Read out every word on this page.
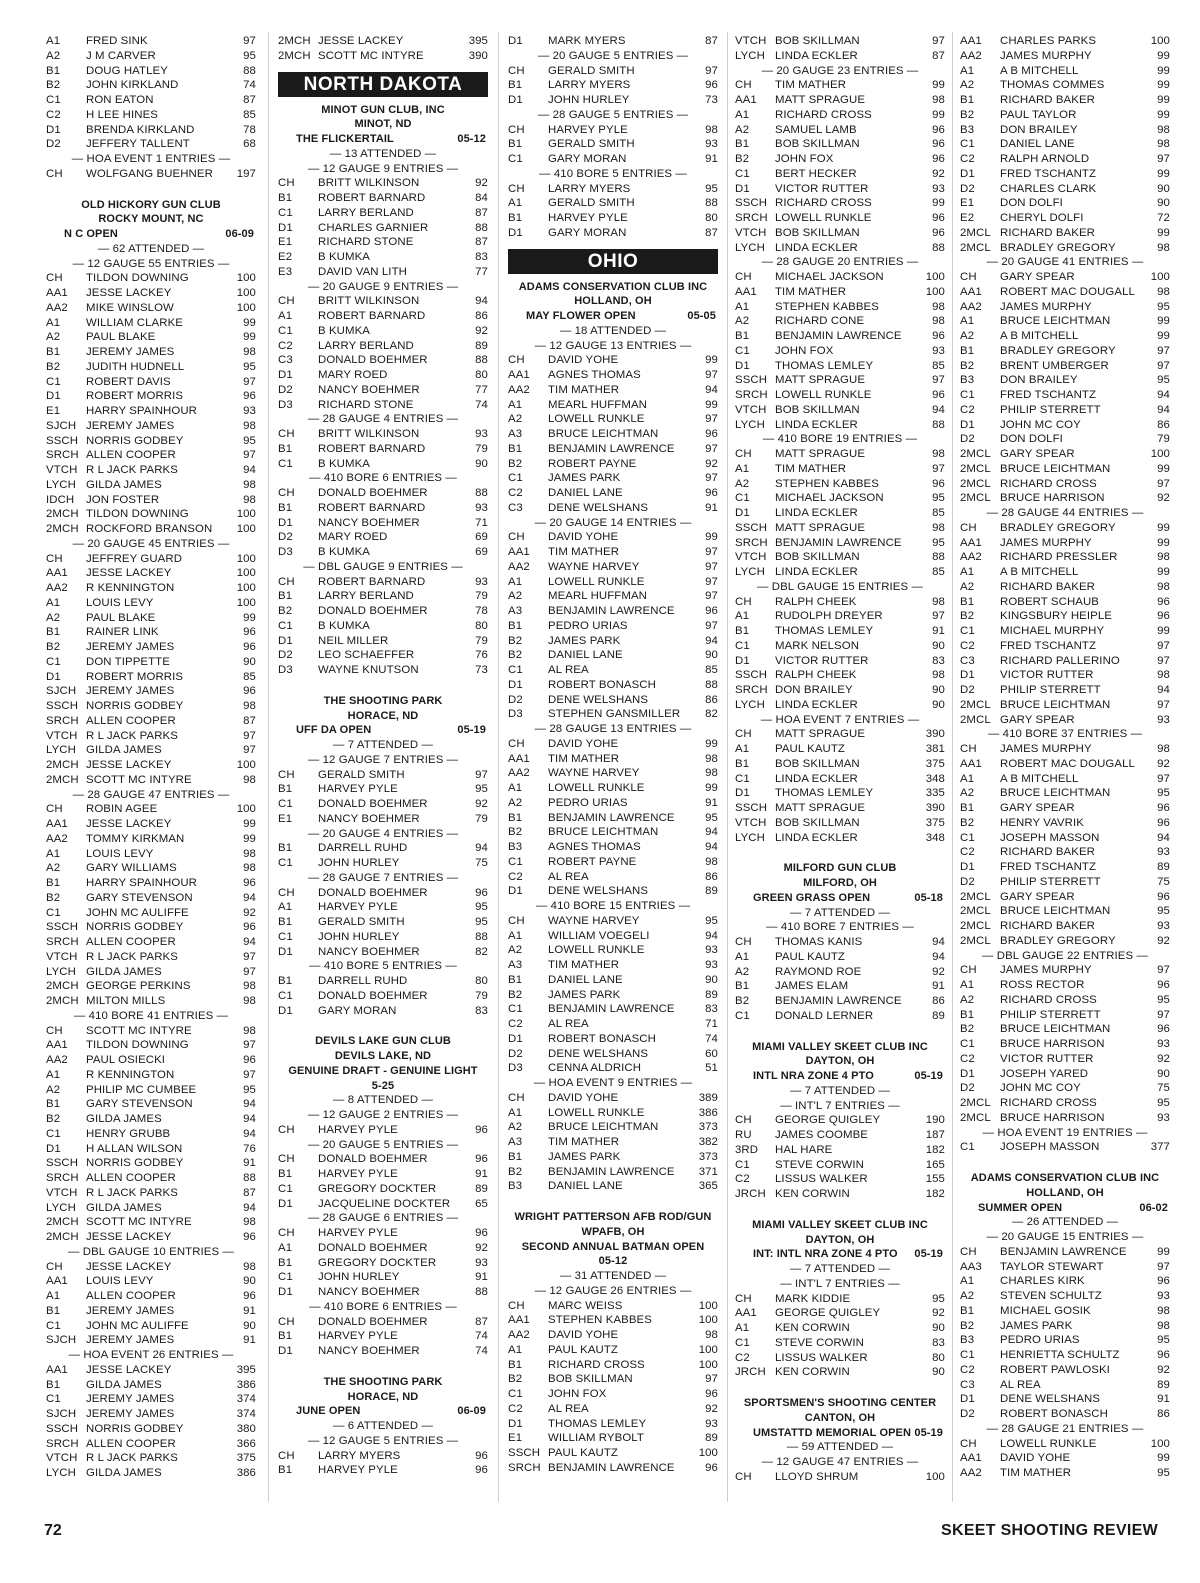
A1 FRED SINK	97
A2 J M CARVER	95
B1 DOUG HATLEY	88
B2 JOHN KIRKLAND	74
C1 RON EATON	87
C2 H LEE HINES	85
D1 BRENDA KIRKLAND	78
D2 JEFFERY TALLENT	68
— HOA EVENT 1 ENTRIES —
CH WOLFGANG BUEHNER 197
OLD HICKORY GUN CLUB
ROCKY MOUNT, NC
N C OPEN	06-09
— 62 ATTENDED —
— 12 GAUGE 55 ENTRIES —
CH TILDON DOWNING	100
AA1 JESSE LACKEY	100
AA2 MIKE WINSLOW	100
A1 WILLIAM CLARKE	99
A2 PAUL BLAKE	99
B1 JEREMY JAMES	98
B2 JUDITH HUDNELL	95
C1 ROBERT DAVIS	97
D1 ROBERT MORRIS	96
E1 HARRY SPAINHOUR	93
SJCH JEREMY JAMES	98
SSCH NORRIS GODBEY	95
SRCH ALLEN COOPER	97
VTCH R L JACK PARKS	94
LYCH GILDA JAMES	98
IDCH JON FOSTER	98
2MCH TILDON DOWNING	100
2MCH ROCKFORD BRANSON 100
— 20 GAUGE 45 ENTRIES —
CH JEFFREY GUARD	100
AA1 JESSE LACKEY	100
AA2 R KENNINGTON	100
A1 LOUIS LEVY	100
A2 PAUL BLAKE	99
B1 RAINER LINK	96
B2 JEREMY JAMES	96
C1 DON TIPPETTE	90
D1 ROBERT MORRIS	85
SJCH JEREMY JAMES	96
SSCH NORRIS GODBEY	98
SRCH ALLEN COOPER	87
VTCH R L JACK PARKS	97
LYCH GILDA JAMES	97
2MCH JESSE LACKEY	100
2MCH SCOTT MC INTYRE	98
— 28 GAUGE 47 ENTRIES —
CH ROBIN AGEE	100
AA1 JESSE LACKEY	99
AA2 TOMMY KIRKMAN	99
A1 LOUIS LEVY	98
A2 GARY WILLIAMS	98
B1 HARRY SPAINHOUR	96
B2 GARY STEVENSON	94
C1 JOHN MC AULIFFE	92
SSCH NORRIS GODBEY	96
SRCH ALLEN COOPER	94
VTCH R L JACK PARKS	97
LYCH GILDA JAMES	97
2MCH GEORGE PERKINS	98
2MCH MILTON MILLS	98
— 410 BORE 41 ENTRIES —
CH SCOTT MC INTYRE	98
AA1 TILDON DOWNING	97
AA2 PAUL OSIECKI	96
A1 R KENNINGTON	97
A2 PHILIP MC CUMBEE	95
B1 GARY STEVENSON	94
B2 GILDA JAMES	94
C1 HENRY GRUBB	94
D1 H ALLAN WILSON	76
SSCH NORRIS GODBEY	91
SRCH ALLEN COOPER	88
VTCH R L JACK PARKS	87
LYCH GILDA JAMES	94
2MCH SCOTT MC INTYRE	98
2MCH JESSE LACKEY	96
— DBL GAUGE 10 ENTRIES —
CH JESSE LACKEY	98
AA1 LOUIS LEVY	90
A1 ALLEN COOPER	96
B1 JEREMY JAMES	91
C1 JOHN MC AULIFFE	90
SJCH JEREMY JAMES	91
— HOA EVENT 26 ENTRIES —
AA1 JESSE LACKEY	395
B1 GILDA JAMES	386
C1 JEREMY JAMES	374
SJCH JEREMY JAMES	374
SSCH NORRIS GODBEY	380
SRCH ALLEN COOPER	366
VTCH R L JACK PARKS	375
LYCH GILDA JAMES	386
2MCH JESSE LACKEY	395
2MCH SCOTT MC INTYRE	390
NORTH DAKOTA
MINOT GUN CLUB, INC
MINOT, ND
THE FLICKERTAIL	05-12
— 13 ATTENDED —
— 12 GAUGE 9 ENTRIES —
CH BRITT WILKINSON	92
B1 ROBERT BARNARD	84
C1 LARRY BERLAND	87
D1 CHARLES GARNIER	88
E1 RICHARD STONE	87
E2 B KUMKA	83
E3 DAVID VAN LITH	77
— 20 GAUGE 9 ENTRIES —
CH BRITT WILKINSON	94
A1 ROBERT BARNARD	86
C1 B KUMKA	92
C2 LARRY BERLAND	89
C3 DONALD BOEHMER	88
D1 MARY ROED	80
D2 NANCY BOEHMER	77
D3 RICHARD STONE	74
— 28 GAUGE 4 ENTRIES —
CH BRITT WILKINSON	93
B1 ROBERT BARNARD	79
C1 B KUMKA	90
— 410 BORE 6 ENTRIES —
CH DONALD BOEHMER	88
B1 ROBERT BARNARD	93
D1 NANCY BOEHMER	71
D2 MARY ROED	69
D3 B KUMKA	69
— DBL GAUGE 9 ENTRIES —
CH ROBERT BARNARD	93
B1 LARRY BERLAND	79
B2 DONALD BOEHMER	78
C1 B KUMKA	80
D1 NEIL MILLER	79
D2 LEO SCHAEFFER	76
D3 WAYNE KNUTSON	73
THE SHOOTING PARK
HORACE, ND
UFF DA OPEN	05-19
— 7 ATTENDED —
— 12 GAUGE 7 ENTRIES —
CH GERALD SMITH	97
B1 HARVEY PYLE	95
C1 DONALD BOEHMER	92
E1 NANCY BOEHMER	79
— 20 GAUGE 4 ENTRIES —
B1 DARRELL RUHD	94
C1 JOHN HURLEY	75
— 28 GAUGE 7 ENTRIES —
CH DONALD BOEHMER	96
A1 HARVEY PYLE	95
B1 GERALD SMITH	95
C1 JOHN HURLEY	88
D1 NANCY BOEHMER	82
— 410 BORE 5 ENTRIES —
B1 DARRELL RUHD	80
C1 DONALD BOEHMER	79
D1 GARY MORAN	83
DEVILS LAKE GUN CLUB
DEVILS LAKE, ND
GENUINE DRAFT - GENUINE LIGHT
5-25
— 8 ATTENDED —
— 12 GAUGE 2 ENTRIES —
CH HARVEY PYLE	96
— 20 GAUGE 5 ENTRIES —
CH DONALD BOEHMER	96
B1 HARVEY PYLE	91
C1 GREGORY DOCKTER	89
D1 JACQUELINE DOCKTER 65
— 28 GAUGE 6 ENTRIES —
CH HARVEY PYLE	96
A1 DONALD BOEHMER	92
B1 GREGORY DOCKTER	93
C1 JOHN HURLEY	91
D1 NANCY BOEHMER	88
— 410 BORE 6 ENTRIES —
CH DONALD BOEHMER	87
B1 HARVEY PYLE	74
D1 NANCY BOEHMER	74
THE SHOOTING PARK
HORACE, ND
JUNE OPEN	06-09
— 6 ATTENDED —
— 12 GAUGE 5 ENTRIES —
CH LARRY MYERS	96
B1 HARVEY PYLE	96
D1 MARK MYERS	87
— 20 GAUGE 5 ENTRIES —
CH GERALD SMITH	97
B1 LARRY MYERS	96
D1 JOHN HURLEY	73
— 28 GAUGE 5 ENTRIES —
CH HARVEY PYLE	98
B1 GERALD SMITH	93
C1 GARY MORAN	91
— 410 BORE 5 ENTRIES —
CH LARRY MYERS	95
A1 GERALD SMITH	88
B1 HARVEY PYLE	80
D1 GARY MORAN	87
OHIO
ADAMS CONSERVATION CLUB INC
HOLLAND, OH
MAY FLOWER OPEN	05-05
— 18 ATTENDED —
— 12 GAUGE 13 ENTRIES —
CH DAVID YOHE	99
AA1 AGNES THOMAS	97
AA2 TIM MATHER	94
A1 MEARL HUFFMAN	99
A2 LOWELL RUNKLE	97
A3 BRUCE LEICHTMAN	96
B1 BENJAMIN LAWRENCE	97
B2 ROBERT PAYNE	92
C1 JAMES PARK	97
C2 DANIEL LANE	96
C3 DENE WELSHANS	91
— 20 GAUGE 14 ENTRIES —
CH DAVID YOHE	99
AA1 TIM MATHER	97
AA2 WAYNE HARVEY	97
A1 LOWELL RUNKLE	97
A2 MEARL HUFFMAN	97
A3 BENJAMIN LAWRENCE	96
B1 PEDRO URIAS	97
B2 JAMES PARK	94
B2 DANIEL LANE	90
C1 AL REA	85
D1 ROBERT BONASCH	88
D2 DENE WELSHANS	86
D3 STEPHEN GANSMILLER 82
— 28 GAUGE 13 ENTRIES —
CH DAVID YOHE	99
AA1 TIM MATHER	98
AA2 WAYNE HARVEY	98
A1 LOWELL RUNKLE	99
A2 PEDRO URIAS	91
B1 BENJAMIN LAWRENCE	95
B2 BRUCE LEICHTMAN	94
B3 AGNES THOMAS	94
C1 ROBERT PAYNE	98
C2 AL REA	86
D1 DENE WELSHANS	89
— 410 BORE 15 ENTRIES —
CH WAYNE HARVEY	95
A1 WILLIAM VOEGELI	94
A2 LOWELL RUNKLE	93
A3 TIM MATHER	93
B1 DANIEL LANE	90
B2 JAMES PARK	89
C1 BENJAMIN LAWRENCE	83
C2 AL REA	71
D1 ROBERT BONASCH	74
D2 DENE WELSHANS	60
D3 CENNA ALDRICH	51
— HOA EVENT 9 ENTRIES —
CH DAVID YOHE	389
A1 LOWELL RUNKLE	386
A2 BRUCE LEICHTMAN	373
A3 TIM MATHER	382
B1 JAMES PARK	373
B2 BENJAMIN LAWRENCE 371
B3 DANIEL LANE	365
WRIGHT PATTERSON AFB ROD/GUN
WPAFB, OH
SECOND ANNUAL BATMAN OPEN
05-12
— 31 ATTENDED —
— 12 GAUGE 26 ENTRIES —
CH MARC WEISS	100
AA1 STEPHEN KABBES	100
AA2 DAVID YOHE	98
A1 PAUL KAUTZ	100
B1 RICHARD CROSS	100
B2 BOB SKILLMAN	97
C1 JOHN FOX	96
C2 AL REA	92
D1 THOMAS LEMLEY	93
E1 WILLIAM RYBOLT	89
SSCH PAUL KAUTZ	100
SRCH BENJAMIN LAWRENCE	96
VTCH BOB SKILLMAN	97
LYCH LINDA ECKLER	87
— 20 GAUGE 23 ENTRIES —
CH TIM MATHER	99
AA1 MATT SPRAGUE	98
A1 RICHARD CROSS	99
A2 SAMUEL LAMB	96
B1 BOB SKILLMAN	96
B2 JOHN FOX	96
C1 BERT HECKER	92
D1 VICTOR RUTTER	93
SSCH RICHARD CROSS	99
SRCH LOWELL RUNKLE	96
VTCH BOB SKILLMAN	96
LYCH LINDA ECKLER	88
— 28 GAUGE 20 ENTRIES —
CH MICHAEL JACKSON	100
AA1 TIM MATHER	100
A1 STEPHEN KABBES	98
A2 RICHARD CONE	98
B1 BENJAMIN LAWRENCE	96
C1 JOHN FOX	93
D1 THOMAS LEMLEY	85
SSCH MATT SPRAGUE	97
SRCH LOWELL RUNKLE	96
VTCH BOB SKILLMAN	94
LYCH LINDA ECKLER	88
— 410 BORE 19 ENTRIES —
CH MATT SPRAGUE	98
A1 TIM MATHER	97
A2 STEPHEN KABBES	96
C1 MICHAEL JACKSON	95
D1 LINDA ECKLER	85
SSCH MATT SPRAGUE	98
SRCH BENJAMIN LAWRENCE	95
VTCH BOB SKILLMAN	88
LYCH LINDA ECKLER	85
— DBL GAUGE 15 ENTRIES —
CH RALPH CHEEK	98
A1 RUDOLPH DREYER	97
B1 THOMAS LEMLEY	91
C1 MARK NELSON	90
D1 VICTOR RUTTER	83
SSCH RALPH CHEEK	98
SRCH DON BRAILEY	90
LYCH LINDA ECKLER	90
— HOA EVENT 7 ENTRIES —
CH MATT SPRAGUE	390
A1 PAUL KAUTZ	381
B1 BOB SKILLMAN	375
C1 LINDA ECKLER	348
D1 THOMAS LEMLEY	335
SSCH MATT SPRAGUE	390
VTCH BOB SKILLMAN	375
LYCH LINDA ECKLER	348
MILFORD GUN CLUB
MILFORD, OH
GREEN GRASS OPEN	05-18
— 7 ATTENDED —
— 410 BORE 7 ENTRIES —
CH THOMAS KANIS	94
A1 PAUL KAUTZ	94
A2 RAYMOND ROE	92
B1 JAMES ELAM	91
B2 BENJAMIN LAWRENCE	86
C1 DONALD LERNER	89
MIAMI VALLEY SKEET CLUB INC
DAYTON, OH
INTL NRA ZONE 4 PTO	05-19
— 7 ATTENDED —
— INT'L 7 ENTRIES —
CH GEORGE QUIGLEY	190
RU JAMES COOMBE	187
3RD HAL HARE	182
C1 STEVE CORWIN	165
C2 LISSUS WALKER	155
JRCH KEN CORWIN	182
MIAMI VALLEY SKEET CLUB INC
DAYTON, OH
INT: INTL NRA ZONE 4 PTO 05-19
— 7 ATTENDED —
— INT'L 7 ENTRIES —
CH MARK KIDDIE	95
AA1 GEORGE QUIGLEY	92
A1 KEN CORWIN	90
C1 STEVE CORWIN	83
C2 LISSUS WALKER	80
JRCH KEN CORWIN	90
SPORTSMEN'S SHOOTING CENTER
CANTON, OH
UMSTATTD MEMORIAL OPEN 05-19
— 59 ATTENDED —
— 12 GAUGE 47 ENTRIES —
CH LLOYD SHRUM	100
AA1 CHARLES PARKS	100
AA2 JAMES MURPHY	99
A1 A B MITCHELL	99
A2 THOMAS COMMES	99
B1 RICHARD BAKER	99
B2 PAUL TAYLOR	99
B3 DON BRAILEY	98
C1 DANIEL LANE	98
C2 RALPH ARNOLD	97
D1 FRED TSCHANTZ	99
D2 CHARLES CLARK	90
E1 DON DOLFI	90
E2 CHERYL DOLFI	72
2MCL RICHARD BAKER	99
2MCL BRADLEY GREGORY	98
— 20 GAUGE 41 ENTRIES —
CH GARY SPEAR	100
AA1 ROBERT MAC DOUGALL 98
AA2 JAMES MURPHY	95
A1 BRUCE LEICHTMAN	99
A2 A B MITCHELL	99
B1 BRADLEY GREGORY	97
B2 BRENT UMBERGER	97
B3 DON BRAILEY	95
C1 FRED TSCHANTZ	94
C2 PHILIP STERRETT	94
D1 JOHN MC COY	86
D2 DON DOLFI	79
2MCL GARY SPEAR	100
2MCL BRUCE LEICHTMAN	99
2MCL RICHARD CROSS	97
2MCL BRUCE HARRISON	92
— 28 GAUGE 44 ENTRIES —
CH BRADLEY GREGORY	99
AA1 JAMES MURPHY	99
AA2 RICHARD PRESSLER	98
A1 A B MITCHELL	99
A2 RICHARD BAKER	98
B1 ROBERT SCHAUB	96
B2 KINGSBURY HEIPLE	96
C1 MICHAEL MURPHY	99
C2 FRED TSCHANTZ	97
C3 RICHARD PALLERINO	97
D1 VICTOR RUTTER	98
D2 PHILIP STERRETT	94
2MCL BRUCE LEICHTMAN	97
2MCL GARY SPEAR	93
— 410 BORE 37 ENTRIES —
CH JAMES MURPHY	98
AA1 ROBERT MAC DOUGALL 92
A1 A B MITCHELL	97
A2 BRUCE LEICHTMAN	95
B1 GARY SPEAR	96
B2 HENRY VAVRIK	96
C1 JOSEPH MASSON	94
C2 RICHARD BAKER	93
D1 FRED TSCHANTZ	89
D2 PHILIP STERRETT	75
2MCL GARY SPEAR	96
2MCL BRUCE LEICHTMAN	95
2MCL RICHARD BAKER	93
2MCL BRADLEY GREGORY	92
— DBL GAUGE 22 ENTRIES —
CH JAMES MURPHY	97
A1 ROSS RECTOR	96
A2 RICHARD CROSS	95
B1 PHILIP STERRETT	97
B2 BRUCE LEICHTMAN	96
C1 BRUCE HARRISON	93
C2 VICTOR RUTTER	92
D1 JOSEPH YARED	90
D2 JOHN MC COY	75
2MCL RICHARD CROSS	95
2MCL BRUCE HARRISON	93
— HOA EVENT 19 ENTRIES —
C1 JOSEPH MASSON	377
ADAMS CONSERVATION CLUB INC
HOLLAND, OH
SUMMER OPEN	06-02
— 26 ATTENDED —
— 20 GAUGE 15 ENTRIES —
CH BENJAMIN LAWRENCE	99
AA3 TAYLOR STEWART	97
A1 CHARLES KIRK	96
A2 STEVEN SCHULTZ	93
B1 MICHAEL GOSIK	98
B2 JAMES PARK	98
B3 PEDRO URIAS	95
C1 HENRIETTA SCHULTZ	96
C2 ROBERT PAWLOSKI	92
C3 AL REA	89
D1 DENE WELSHANS	91
D2 ROBERT BONASCH	86
— 28 GAUGE 21 ENTRIES —
CH LOWELL RUNKLE	100
AA1 DAVID YOHE	99
AA2 TIM MATHER	95
72	SKEET SHOOTING REVIEW
